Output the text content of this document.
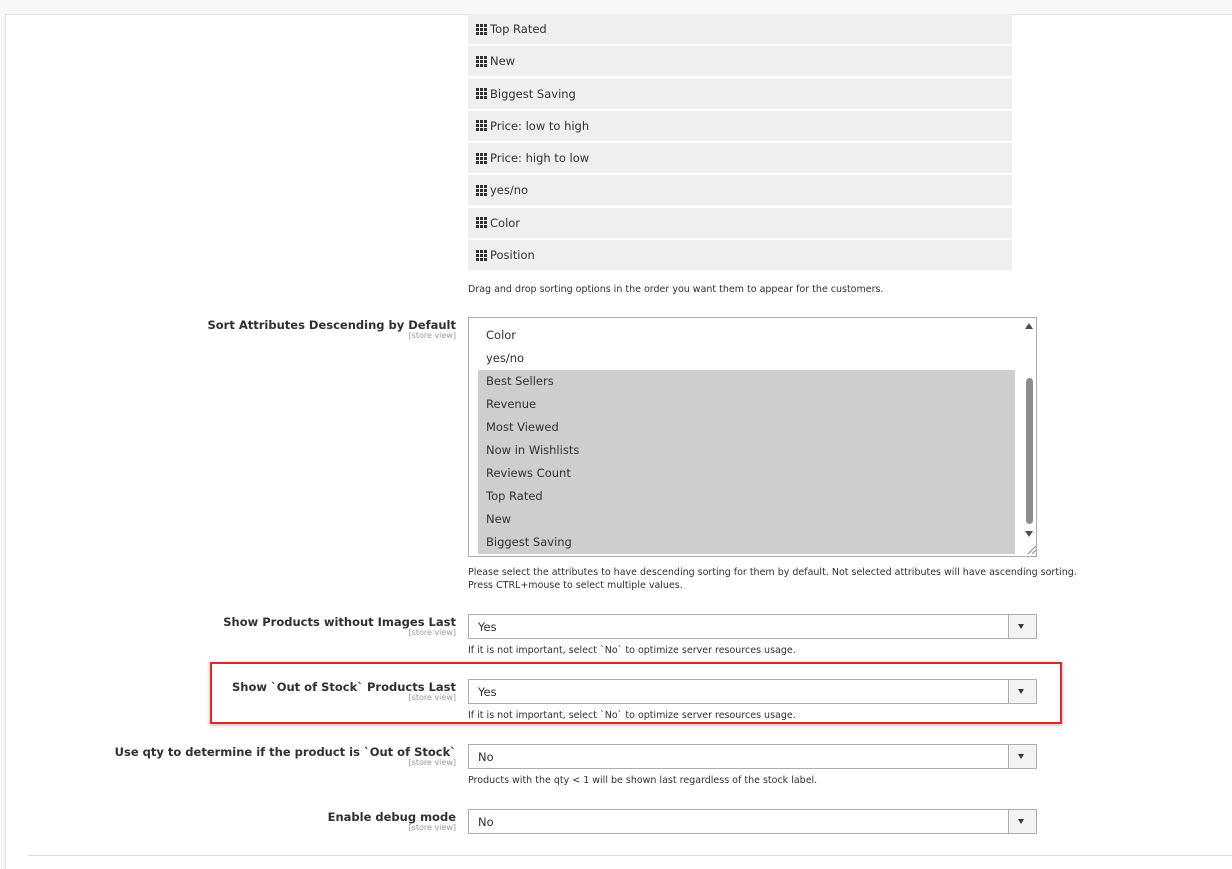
Top Rated
New
Biggest Saving
Price: low to high
Price: high to low
yes/no
Color
Position
Drag and drop sorting options in the order you want them to appear for the customers.
Sort Attributes Descending by Default
[store view]	Color
yes/no
Best Sellers
Revenue
Most Viewed
Now in Wishlists
Reviews Count
Top Rated
New
Biggest Saving
Please select the attributes to have descending sorting for them by default. Not selected attributes will have ascending sorting.
Press CTRL+mouse to select multiple values.
Show Products without Images Last
[store view] Yes
If it is not important, select `No` to optimize server resources usage.
Show `Out of Stock` Products Last
[store view] Yes
If it is not important, select `No` to optimize server resources usage.
Use qty to determine if the product is `Out of Stock`
[store view] No
Products with the qty < 1 will be shown last regardless of the stock label.
Enable debug mode
[store view] No
